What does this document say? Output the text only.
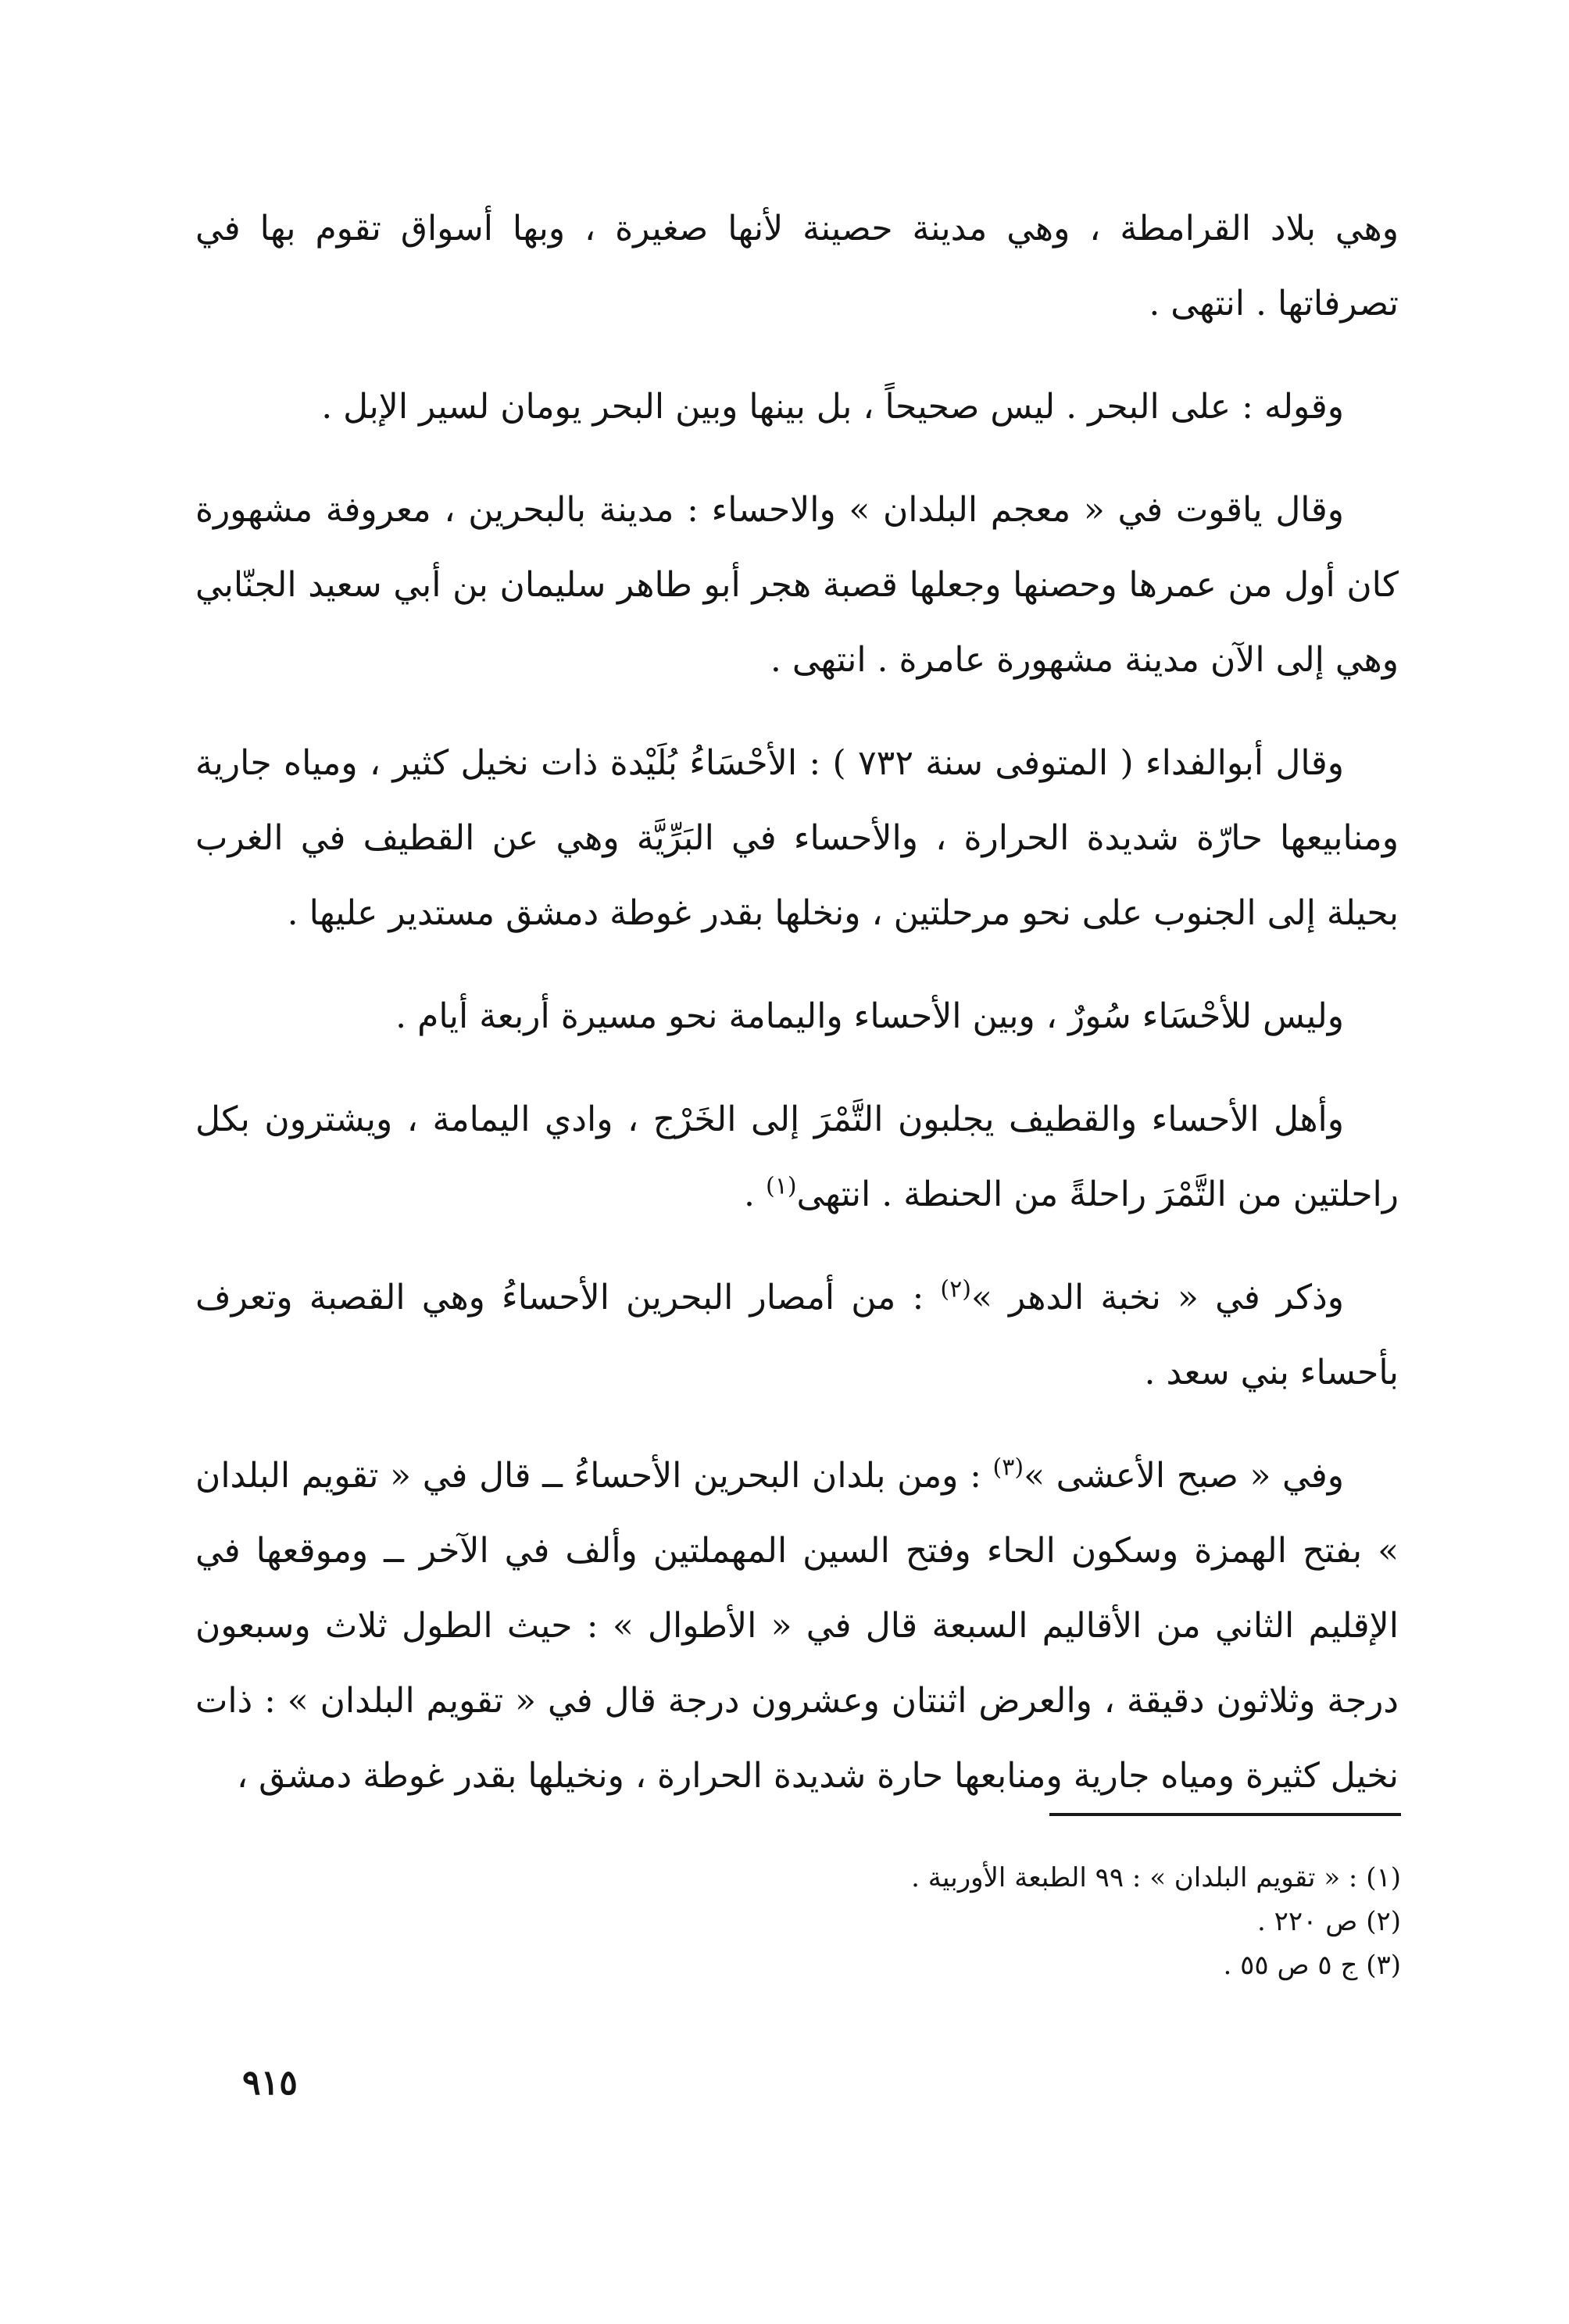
وهي بلاد القرامطة ، وهي مدينة حصينة لأنها صغيرة ، وبها أسواق تقوم بها في تصرفاتها . انتهى .

وقوله : على البحر . ليس صحيحاً ، بل بينها وبين البحر يومان لسير الإبل .

وقال ياقوت في « معجم البلدان » والاحساء : مدينة بالبحرين ، معروفة مشهورة كان أول من عمرها وحصنها وجعلها قصبة هجر أبو طاهر سليمان بن أبي سعيد الجنّابي وهي إلى الآن مدينة مشهورة عامرة . انتهى .

وقال أبوالفداء ( المتوفى سنة ٧٣٢ ) : الأحْسَاءُ بُلَيْدة ذات نخيل كثير ، ومياه جارية ومنابيعها حارّة شديدة الحرارة ، والأحساء في البَرِّيَّة وهي عن القطيف في الغرب بحيلة إلى الجنوب على نحو مرحلتين ، ونخلها بقدر غوطة دمشق مستدير عليها .

وليس للأحْسَاء سُورٌ ، وبين الأحساء واليمامة نحو مسيرة أربعة أيام .

وأهل الأحساء والقطيف يجلبون التَّمْرَ إلى الخَرْج ، وادي اليمامة ، ويشترون بكل راحلتين من التَّمْرَ راحلةً من الحنطة . انتهى$^{(١)}$ .

وذكر في « نخبة الدهر »$^{(٢)}$ : من أمصار البحرين الأحساءُ وهي القصبة وتعرف بأحساء بني سعد .

وفي « صبح الأعشى »$^{(٣)}$ : ومن بلدان البحرين الأحساءُ ــ قال في « تقويم البلدان » بفتح الهمزة وسكون الحاء وفتح السين المهملتين وألف في الآخر ــ وموقعها في الإقليم الثاني من الأقاليم السبعة قال في « الأطوال » : حيث الطول ثلاث وسبعون درجة وثلاثون دقيقة ، والعرض اثنتان وعشرون درجة قال في « تقويم البلدان » : ذات نخيل كثيرة ومياه جارية ومنابعها حارة شديدة الحرارة ، ونخيلها بقدر غوطة دمشق ،

(١) : « تقويم البلدان » : ٩٩ الطبعة الأوربية .

(٢) ص ٢٢٠ .

(٣) ج ٥ ص ٥٥ .

٩١٥
